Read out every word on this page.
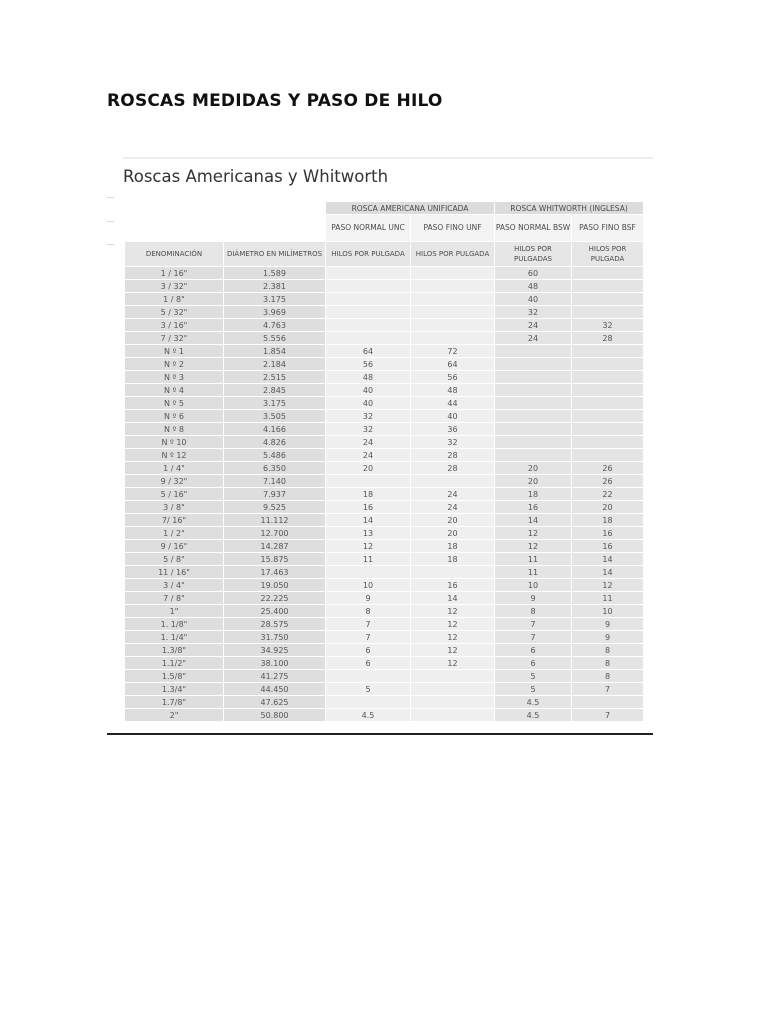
ROSCAS MEDIDAS Y PASO DE HILO
Roscas Americanas y Whitworth
		ROSCA AMERICANA UNIFICADA		ROSCA WHITWORTH (INGLESA)	
		PASO NORMAL UNC	PASO FINO UNF	PASO NORMAL BSW	PASO FINO BSF
DENOMINACIÓN	DIÁMETRO EN MILÍMETROS	HILOS POR PULGADA	HILOS POR PULGADA	HILOS POR PULGADAS	HILOS POR PULGADA
1 / 16"	1.589			60	
3 / 32"	2.381			48	
1 / 8"	3.175			40	
5 / 32"	3.969			32	
3 / 16"	4.763			24	32
7 / 32"	5.556			24	28
N º 1	1.854	64	72		
N º 2	2.184	56	64		
N º 3	2.515	48	56		
N º 4	2.845	40	48		
N º 5	3.175	40	44		
N º 6	3.505	32	40		
N º 8	4.166	32	36		
N º 10	4.826	24	32		
N º 12	5.486	24	28		
1 / 4"	6.350	20	28	20	26
9 / 32"	7.140			20	26
5 / 16"	7.937	18	24	18	22
3 / 8"	9.525	16	24	16	20
7/ 16"	11.112	14	20	14	18
1 / 2"	12.700	13	20	12	16
9 / 16"	14.287	12	18	12	16
5 / 8"	15.875	11	18	11	14
11 / 16"	17.463			11	14
3 / 4"	19.050	10	16	10	12
7 / 8"	22.225	9	14	9	11
1"	25.400	8	12	8	10
1. 1/8"	28.575	7	12	7	9
1. 1/4"	31.750	7	12	7	9
1.3/8"	34.925	6	12	6	8
1.1/2"	38.100	6	12	6	8
1.5/8"	41.275			5	8
1.3/4"	44.450	5		5	7
1.7/8"	47.625			4.5	
2"	50.800	4.5		4.5	7
